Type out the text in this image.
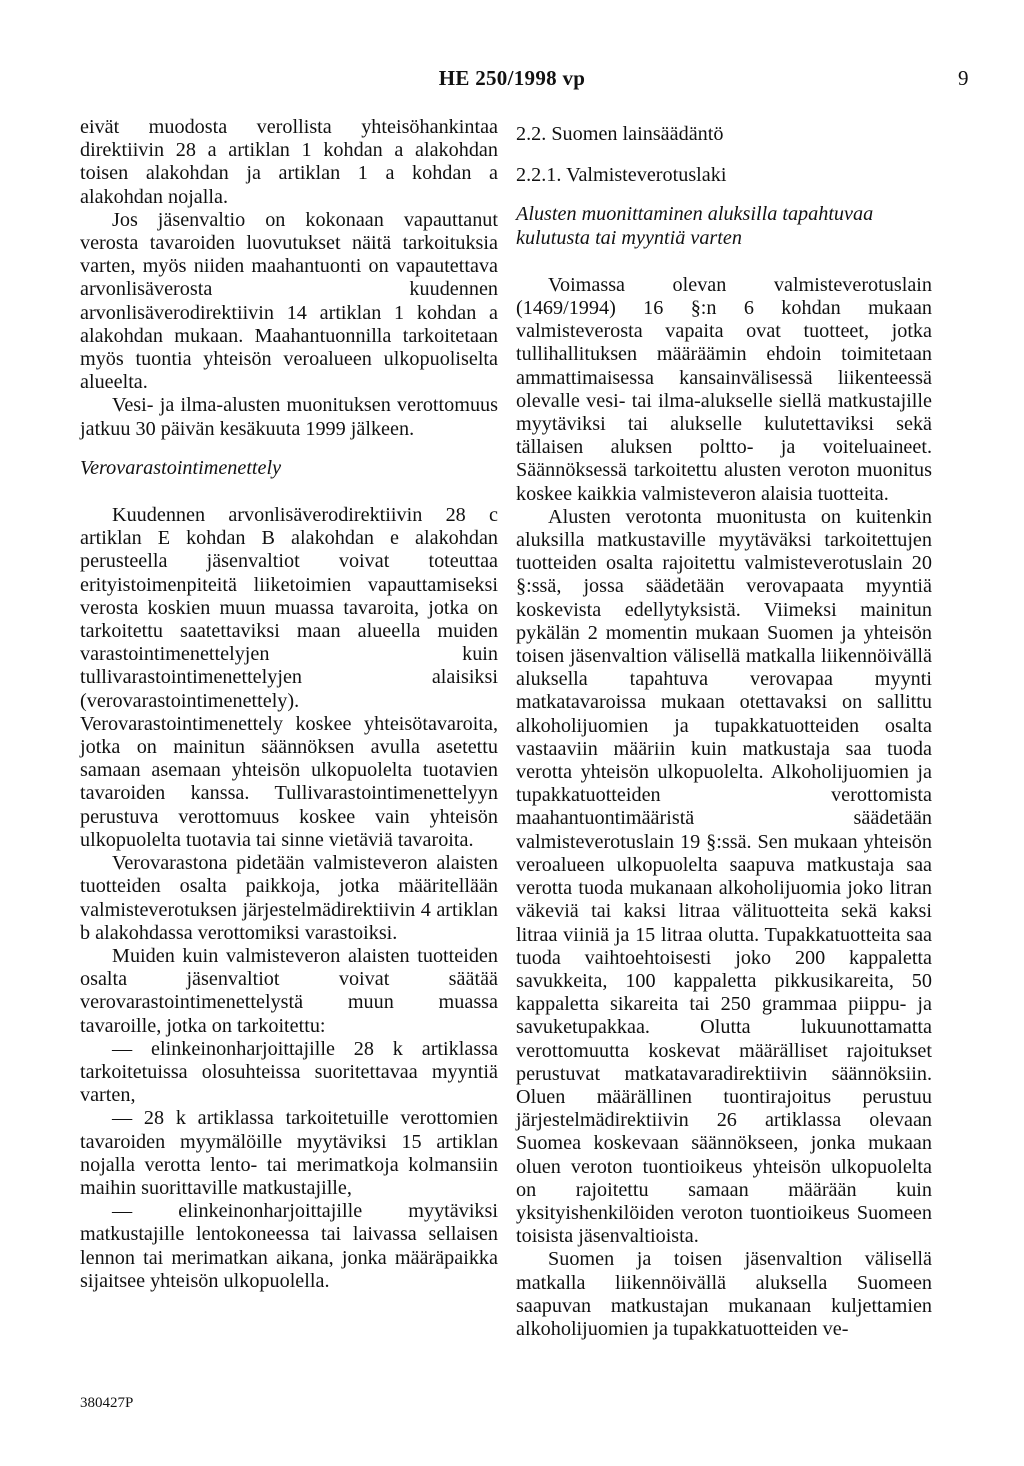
HE 250/1998 vp	9

eivät muodosta verollista yhteisöhankintaa direktiivin 28 a artiklan 1 kohdan a alakohdan toisen alakohdan ja artiklan 1 a kohdan a alakohdan nojalla.

Jos jäsenvaltio on kokonaan vapauttanut verosta tavaroiden luovutukset näitä tarkoituksia varten, myös niiden maahantuonti on vapautettava arvonlisäverosta kuudennen arvonlisäverodirektiivin 14 artiklan 1 kohdan a alakohdan mukaan. Maahantuonnilla tarkoitetaan myös tuontia yhteisön veroalueen ulkopuoliselta alueelta.

Vesi- ja ilma-alusten muonituksen verottomuus jatkuu 30 päivän kesäkuuta 1999 jälkeen.

Verovarastointimenettely

Kuudennen arvonlisäverodirektiivin 28 c artiklan E kohdan B alakohdan e alakohdan perusteella jäsenvaltiot voivat toteuttaa erityistoimenpiteitä liiketoimien vapauttamiseksi verosta koskien muun muassa tavaroita, jotka on tarkoitettu saatettaviksi maan alueella muiden varastointimenettelyjen kuin tullivarastointimenettelyjen alaisiksi (verovarastointimenettely). Verovarastointimenettely koskee yhteisötavaroita, jotka on mainitun säännöksen avulla asetettu samaan asemaan yhteisön ulkopuolelta tuotavien tavaroiden kanssa. Tullivarastointimenettelyyn perustuva verottomuus koskee vain yhteisön ulkopuolelta tuotavia tai sinne vietäviä tavaroita.

Verovarastona pidetään valmisteveron alaisten tuotteiden osalta paikkoja, jotka määritellään valmisteverotuksen järjestelmädirektiivin 4 artiklan b alakohdassa verottomiksi varastoiksi.

Muiden kuin valmisteveron alaisten tuotteiden osalta jäsenvaltiot voivat säätää verovarastointimenettelystä muun muassa tavaroille, jotka on tarkoitettu:

— elinkeinonharjoittajille 28 k artiklassa tarkoitetuissa olosuhteissa suoritettavaa myyntiä varten,

— 28 k artiklassa tarkoitetuille verottomien tavaroiden myymälöille myytäviksi 15 artiklan nojalla verotta lento- tai merimatkoja kolmansiin maihin suorittaville matkustajille,

— elinkeinonharjoittajille myytäviksi matkustajille lentokoneessa tai laivassa sellaisen lennon tai merimatkan aikana, jonka määräpaikka sijaitsee yhteisön ulkopuolella.

2.2. Suomen lainsäädäntö

2.2.1. Valmisteverotuslaki

Alusten muonittaminen aluksilla tapahtuvaa kulutusta tai myyntiä varten

Voimassa olevan valmisteverotuslain (1469/1994) 16 §:n 6 kohdan mukaan valmisteverosta vapaita ovat tuotteet, jotka tullihallituksen määräämin ehdoin toimitetaan ammattimaisessa kansainvälisessä liikenteessä olevalle vesi- tai ilma-alukselle siellä matkustajille myytäviksi tai alukselle kulutettaviksi sekä tällaisen aluksen poltto- ja voiteluaineet. Säännöksessä tarkoitettu alusten veroton muonitus koskee kaikkia valmisteveron alaisia tuotteita.

Alusten verotonta muonitusta on kuitenkin aluksilla matkustaville myytäväksi tarkoitettujen tuotteiden osalta rajoitettu valmisteverotuslain 20 §:ssä, jossa säädetään verovapaata myyntiä koskevista edellytyksistä. Viimeksi mainitun pykälän 2 momentin mukaan Suomen ja yhteisön toisen jäsenvaltion välisellä matkalla liikennöivällä aluksella tapahtuva verovapaa myynti matkatavaroissa mukaan otettavaksi on sallittu alkoholijuomien ja tupakkatuotteiden osalta vastaaviin määriin kuin matkustaja saa tuoda verotta yhteisön ulkopuolelta. Alkoholijuomien ja tupakkatuotteiden verottomista maahantuontimääristä säädetään valmisteverotuslain 19 §:ssä. Sen mukaan yhteisön veroalueen ulkopuolelta saapuva matkustaja saa verotta tuoda mukanaan alkoholijuomia joko litran väkeviä tai kaksi litraa välituotteita sekä kaksi litraa viiniä ja 15 litraa olutta. Tupakkatuotteita saa tuoda vaihtoehtoisesti joko 200 kappaletta savukkeita, 100 kappaletta pikkusikareita, 50 kappaletta sikareita tai 250 grammaa piippu- ja savuketupakkaa. Olutta lukuunottamatta verottomuutta koskevat määrälliset rajoitukset perustuvat matkatavaradirektiivin säännöksiin. Oluen määrällinen tuontirajoitus perustuu järjestelmädirektiivin 26 artiklassa olevaan Suomea koskevaan säännökseen, jonka mukaan oluen veroton tuontioikeus yhteisön ulkopuolelta on rajoitettu samaan määrään kuin yksityishenkilöiden veroton tuontioikeus Suomeen toisista jäsenvaltioista.

Suomen ja toisen jäsenvaltion välisellä matkalla liikennöivällä aluksella Suomeen saapuvan matkustajan mukanaan kuljettamien alkoholijuomien ja tupakkatuotteiden ve-

380427P
